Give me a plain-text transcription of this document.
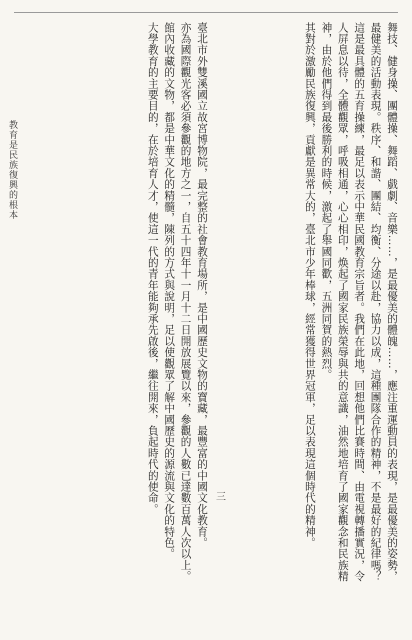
舞技、健身操、團體操、舞蹈、戲劇、音樂……，是最優美的體魄……，應注重運動員的表現，是最優美的姿勢，最健美的活動表現。秩序、和諧、團結、均衡、分途以赴，協力以成，這種團隊合作的精神，不是最好的紀律嗎？

這是最具體的五育操練，最足以表示中華民國教育宗旨者。我們在此地，回想他們比賽時間、由電視轉播實況，令人屏息以待，全體觀眾，呼吸相通，心心相印，焕起了國家民族榮辱與共的意識，油然地培育了國家觀念和民族精神，由於他們得到最後勝利的時候，激起了舉國同歡，五洲同賀的熱烈。

其對於激勵民族復興，貢獻是異常大的，臺北市少年棒球，經常獲得世界冠軍，足以表現這個時代的精神。

三

臺北市外雙溪國立故宮博物院，最完整的社會教育場所，是中國歷史文物的寶藏，最豐富的中國文化教育。

亦為國際觀光客必須參觀的地方之一，自五十四年十一月十二日開放展覽以來，參觀的人數已達數百萬人次以上。館內收藏的文物，都是中華文化的精髓，陳列的方式與說明，足以使觀眾了解中國歷史的源流與文化的特色。

大學教育的主要目的，在於培育人才，使這一代的青年能夠承先啟後，繼往開來，負起時代的使命。

教育是民族復興的根本
